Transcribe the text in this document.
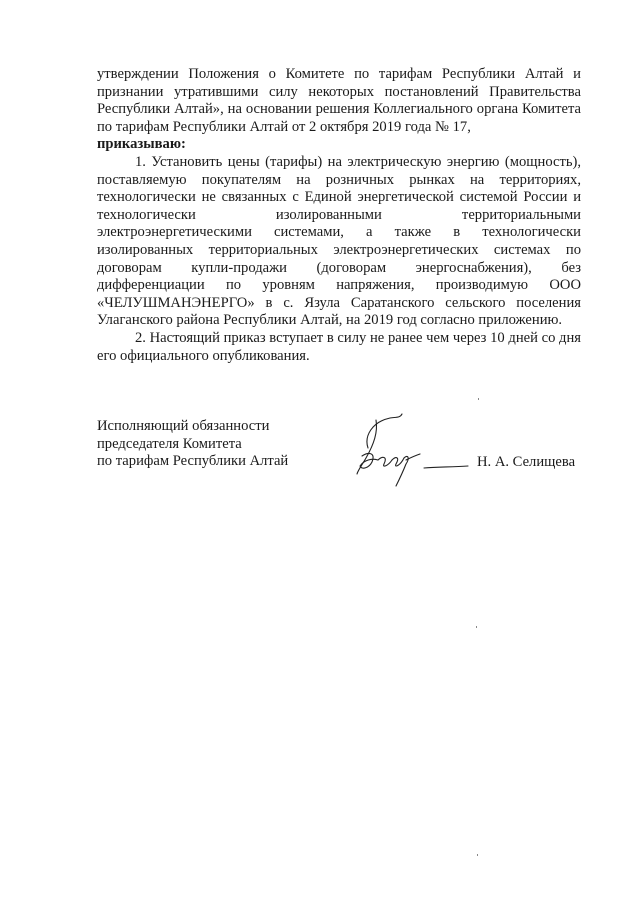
утверждении Положения о Комитете по тарифам Республики Алтай и признании утратившими силу некоторых постановлений Правительства Республики Алтай», на основании решения Коллегиального органа Комитета по тарифам Республики Алтай от 2 октября 2019 года № 17,

приказываю:

1. Установить цены (тарифы) на электрическую энергию (мощность), поставляемую покупателям на розничных рынках на территориях, технологически не связанных с Единой энергетической системой России и технологически изолированными территориальными электроэнергетическими системами, а также в технологически изолированных территориальных электроэнергетических системах по договорам купли-продажи (договорам энергоснабжения), без дифференциации по уровням напряжения, производимую ООО «ЧЕЛУШМАНЭНЕРГО» в с. Язула Саратанского сельского поселения Улаганского района Республики Алтай, на 2019 год согласно приложению.

2. Настоящий приказ вступает в силу не ранее чем через 10 дней со дня его официального опубликования.

Исполняющий обязанности
председателя Комитета
по тарифам Республики Алтай	Н. А. Селищева
